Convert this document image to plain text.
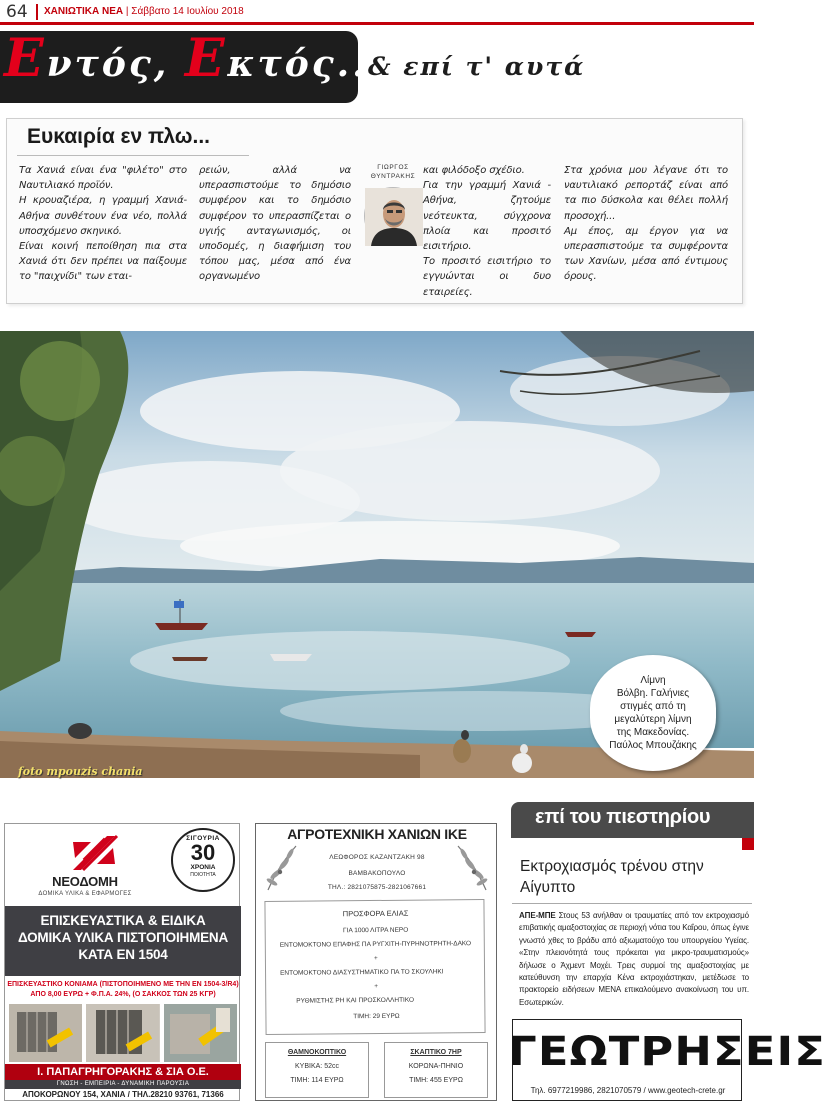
64 ΧΑΝΙΩΤΙΚΑ ΝΕΑ | Σάββατο 14 Ιουλίου 2018
Εντός, Εκτός...
& επί τ' αυτά
Ευκαιρία εν πλω...

Τα Χανιά είναι ένα "φιλέτο" στο Ναυτιλιακό προϊόν.

Η κρουαζιέρα, η γραμμή Χανιά-Αθήνα συνθέτουν ένα νέο, πολλά υποσχόμενο σκηνικό.

Είναι κοινή πεποίθηση πια στα Χανιά ότι δεν πρέπει να παίξουμε το "παιχνίδι" των εται-

ρειών, αλλά να υπερασπιστούμε το δημόσιο συμφέρον και το δημόσιο συμφέρον το υπερασπίζεται ο υγιής ανταγωνισμός, οι υποδομές, η διαφήμιση του τόπου μας, μέσα από ένα οργανωμένο

ΓΙΩΡΓΟΣ ΘΥΝΤΡΑΚΗΣ

και φιλόδοξο σχέδιο.

Για την γραμμή Χανιά - Αθήνα, ζητούμε νεότευκτα, σύγχρονα πλοία και προσιτό εισιτήριο.

Το προσιτό εισιτήριο το εγγυώνται οι δυο εταιρείες.

Στα χρόνια μου λέγανε ότι το ναυτιλιακό ρεπορτάζ είναι από τα πιο δύσκολα και θέλει πολλή προσοχή...

Αμ έπος, αμ έργον για να υπερασπιστούμε τα συμφέροντα των Χανίων, μέσα από έντιμους όρους.

foto mpouzis chania
Λίμνη
Βόλβη. Γαλήνιες
στιγμές από τη
μεγαλύτερη λίμνη
της Μακεδονίας.
Παύλος Μπουζάκης
ΝΕΟΔΟΜΗ
ΔΟΜΙΚΑ ΥΛΙΚΑ & ΕΦΑΡΜΟΓΕΣ
ΣΙΓΟΥΡΙΑ
30
ΧΡΟΝΙΑ
ΠΟΙΟΤΗΤΑ
ΕΠΙΣΚΕΥΑΣΤΙΚΑ & ΕΙΔΙΚΑ
ΔΟΜΙΚΑ ΥΛΙΚΑ ΠΙΣΤΟΠΟΙΗΜΕΝΑ
ΚΑΤΑ ΕΝ 1504
ΕΠΙΣΚΕΥΑΣΤΙΚΟ ΚΟΝΙΑΜΑ (ΠΙΣΤΟΠΟΙΗΜΕΝΟ ΜΕ ΤΗΝ ΕΝ 1504-3/R4)
ΑΠΟ 8,00 ΕΥΡΩ + Φ.Π.Α. 24%, (Ο ΣΑΚΚΟΣ ΤΩΝ 25 ΚΓΡ)
Ι. ΠΑΠΑΓΡΗΓΟΡΑΚΗΣ & ΣΙΑ Ο.Ε.
ΓΝΩΣΗ - ΕΜΠΕΙΡΙΑ - ΔΥΝΑΜΙΚΗ ΠΑΡΟΥΣΙΑ
ΑΠΟΚΟΡΩΝΟΥ 154, ΧΑΝΙΑ / ΤΗΛ.28210 93761, 71366
ΑΓΡΟΤΕΧΝΙΚΗ ΧΑΝΙΩΝ ΙΚΕ
ΛΕΩΦΟΡΟΣ ΚΑΖΑΝΤΖΑΚΗ 98
ΒΑΜΒΑΚΟΠΟΥΛΟ
ΤΗΛ.: 2821075875-2821067661
ΠΡΟΣΦΟΡΑ ΕΛΙΑΣ
ΓΙΑ 1000 ΛΙΤΡΑ ΝΕΡΟ
ΕΝΤΟΜΟΚΤΟΝΟ ΕΠΑΦΗΣ ΠΑ ΡΥΓΧΙΤΗ-ΠΥΡΗΝΟΤΡΗΤΗ-ΔΑΚΟ
+
ΕΝΤΟΜΟΚΤΟΝΟ ΔΙΑΣΥΣΤΗΜΑΤΙΚΟ ΠΑ ΤΟ ΣΚΟΥΛΗΚΙ
+
ΡΥΘΜΙΣΤΗΣ PH ΚΑΙ ΠΡΟΣΚΟΛΛΗΤΙΚΟ
ΤΙΜΗ: 29 ΕΥΡΩ
ΘΑΜΝΟΚΟΠΤΙΚΟ
ΚΥΒΙΚΑ: 52cc
ΤΙΜΗ: 114 ΕΥΡΩ
ΣΚΑΠΤΙΚΟ 7ΗΡ
ΚΟΡΩΝΑ-ΠΗΝΙΟ
ΤΙΜΗ: 455 ΕΥΡΩ
επί του πιεστηρίου
Εκτροχιασμός τρένου στην Αίγυπτο
ΑΠΕ-ΜΠΕ Στους 53 ανήλθαν οι τραυματίες από τον εκτροχιασμό επιβατικής αμαξοστοιχίας σε περιοχή νότια του Καΐρου, όπως έγινε γνωστό χθες το βράδυ από αξιωματούχο του υπουργείου Υγείας. «Στην πλειονότητά τους πρόκειται για μικρο-τραυματισμούς» δήλωσε ο Άχμεντ Μοχέι. Τρεις συρμοί της αμαξοστοιχίας με κατεύθυνση την επαρχία Κένα εκτροχιάστηκαν, μετέδωσε το πρακτορείο ειδήσεων ΜΕΝΑ επικαλούμενο ανακοίνωση του υπ. Εσωτερικών.
ΓΕΩΤΡΗΣΕΙΣ
Τηλ. 6977219986, 2821070579 / www.geotech-crete.gr
